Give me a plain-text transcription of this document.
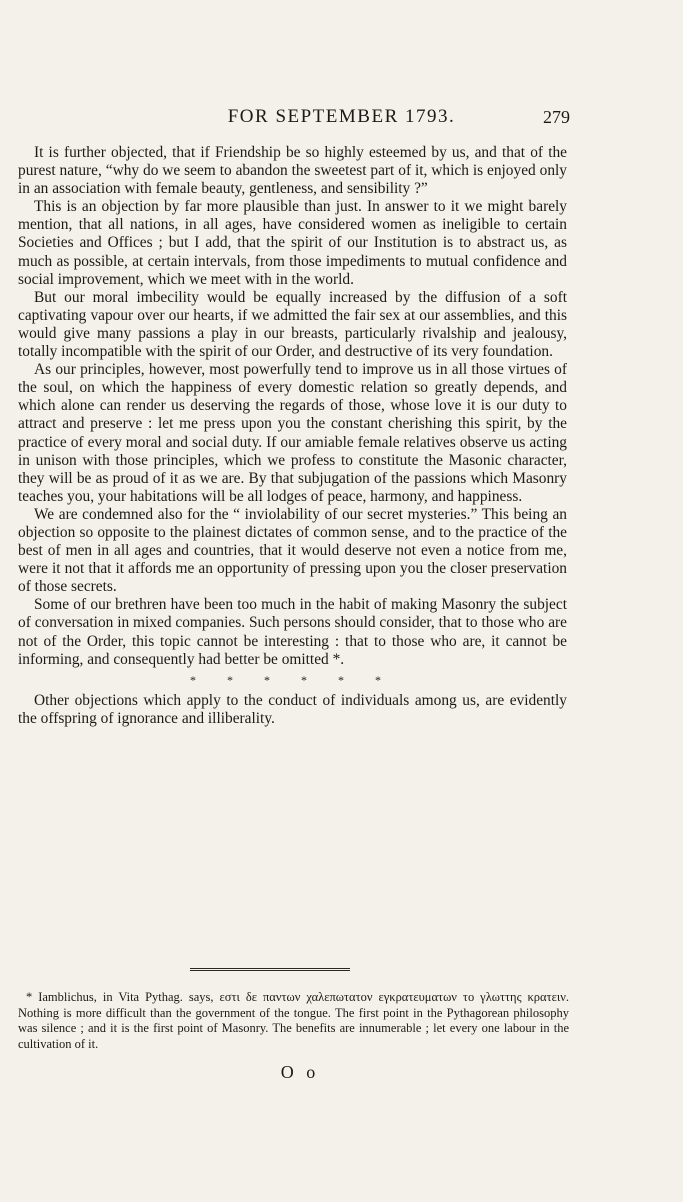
FOR SEPTEMBER 1793.	279

It is further objected, that if Friendship be so highly esteemed by us, and that of the purest nature, “why do we seem to abandon the sweetest part of it, which is enjoyed only in an association with female beauty, gentleness, and sensibility ?”

This is an objection by far more plausible than just. In answer to it we might barely mention, that all nations, in all ages, have considered women as ineligible to certain Societies and Offices ; but I add, that the spirit of our Institution is to abstract us, as much as possible, at certain intervals, from those impediments to mutual confidence and social improvement, which we meet with in the world.

But our moral imbecility would be equally increased by the diffusion of a soft captivating vapour over our hearts, if we admitted the fair sex at our assemblies, and this would give many passions a play in our breasts, particularly rivalship and jealousy, totally incompatible with the spirit of our Order, and destructive of its very foundation.

As our principles, however, most powerfully tend to improve us in all those virtues of the soul, on which the happiness of every domestic relation so greatly depends, and which alone can render us deserving the regards of those, whose love it is our duty to attract and preserve : let me press upon you the constant cherishing this spirit, by the practice of every moral and social duty. If our amiable female relatives observe us acting in unison with those principles, which we profess to constitute the Masonic character, they will be as proud of it as we are. By that subjugation of the passions which Masonry teaches you, your habitations will be all lodges of peace, harmony, and happiness.

We are condemned also for the “ inviolability of our secret mysteries.” This being an objection so opposite to the plainest dictates of common sense, and to the practice of the best of men in all ages and countries, that it would deserve not even a notice from me, were it not that it affords me an opportunity of pressing upon you the closer preservation of those secrets.

Some of our brethren have been too much in the habit of making Masonry the subject of conversation in mixed companies. Such persons should consider, that to those who are not of the Order, this topic cannot be interesting : that to those who are, it cannot be informing, and consequently had better be omitted *.

* * * * * *

Other objections which apply to the conduct of individuals among us, are evidently the offspring of ignorance and illiberality.

* Iamblichus, in Vita Pythag. says, εστι δε παντων χαλεπωτατον εγκρατευματων το γλωττης κρατειν. Nothing is more difficult than the government of the tongue. The first point in the Pythagorean philosophy was silence ; and it is the first point of Masonry. The benefits are innumerable ; let every one labour in the cultivation of it.

O o
